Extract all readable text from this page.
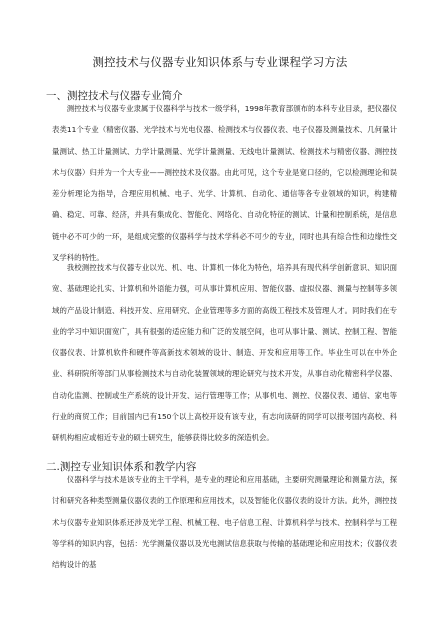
测控技术与仪器专业知识体系与专业课程学习方法
一、测控技术与仪器专业简介

测控技术与仪器专业隶属于仪器科学与技术一级学科，1998年教育部颁布的本科专业目录，把仪器仪表类11个专业（精密仪器、光学技术与光电仪器、检测技术与仪器仪表、电子仪器及测量技术、几何量计量测试、热工计量测试、力学计量测量、光学计量测量、无线电计量测试、检测技术与精密仪器、测控技术与仪器）归并为一个大专业——测控技术及仪器。由此可见，这个专业是宽口径的，它以检测理论和误差分析理论为指导，合理应用机械、电子、光学、计算机、自动化、通信等各专业领域的知识，构建精确、稳定、可靠、经济，并具有集成化、智能化、网络化、自动化特征的测试、计量和控制系统，是信息链中必不可少的一环，是组成完整的仪器科学与技术学科必不可少的专业，同时也具有综合性和边缘性交叉学科的特性。

我校测控技术与仪器专业以光、机、电、计算机一体化为特色，培养具有现代科学创新意识、知识面宽、基础理论扎实、计算机和外语能力强，可从事计算机应用、智能仪器、虚拟仪器、测量与控制等多领域的产品设计制造、科技开发、应用研究、企业管理等多方面的高级工程技术及管理人才。同时我们在专业的学习中知识面宽广，具有很强的适应能力和广泛的发展空间，也可从事计量、测试、控制工程、智能仪器仪表、计算机软件和硬件等高新技术领域的设计、制造、开发和应用等工作。毕业生可以在中外企业、科研院所等部门从事检测技术与自动化装置领域的理论研究与技术开发，从事自动化精密科学仪器、自动化监测、控制或生产系统的设计开发、运行管理等工作；从事机电、测控、仪器仪表、通信、家电等行业的商贸工作；目前国内已有150个以上高校开设有该专业，有志向读研的同学可以报考国内高校、科研机构相应或相近专业的硕士研究生，能够获得比较多的深造机会。

二.测控专业知识体系和教学内容

仪器科学与技术是该专业的主干学科，是专业的理论和应用基础，主要研究测量理论和测量方法，探讨和研究各种类型测量仪器仪表的工作原理和应用技术，以及智能化仪器仪表的设计方法。此外，测控技术与仪器专业知识体系还涉及光学工程、机械工程、电子信息工程、计算机科学与技术、控制科学与工程等学科的知识内容，包括：光学测量仪器以及光电测试信息获取与传输的基础理论和应用技术；仪器仪表结构设计的基
